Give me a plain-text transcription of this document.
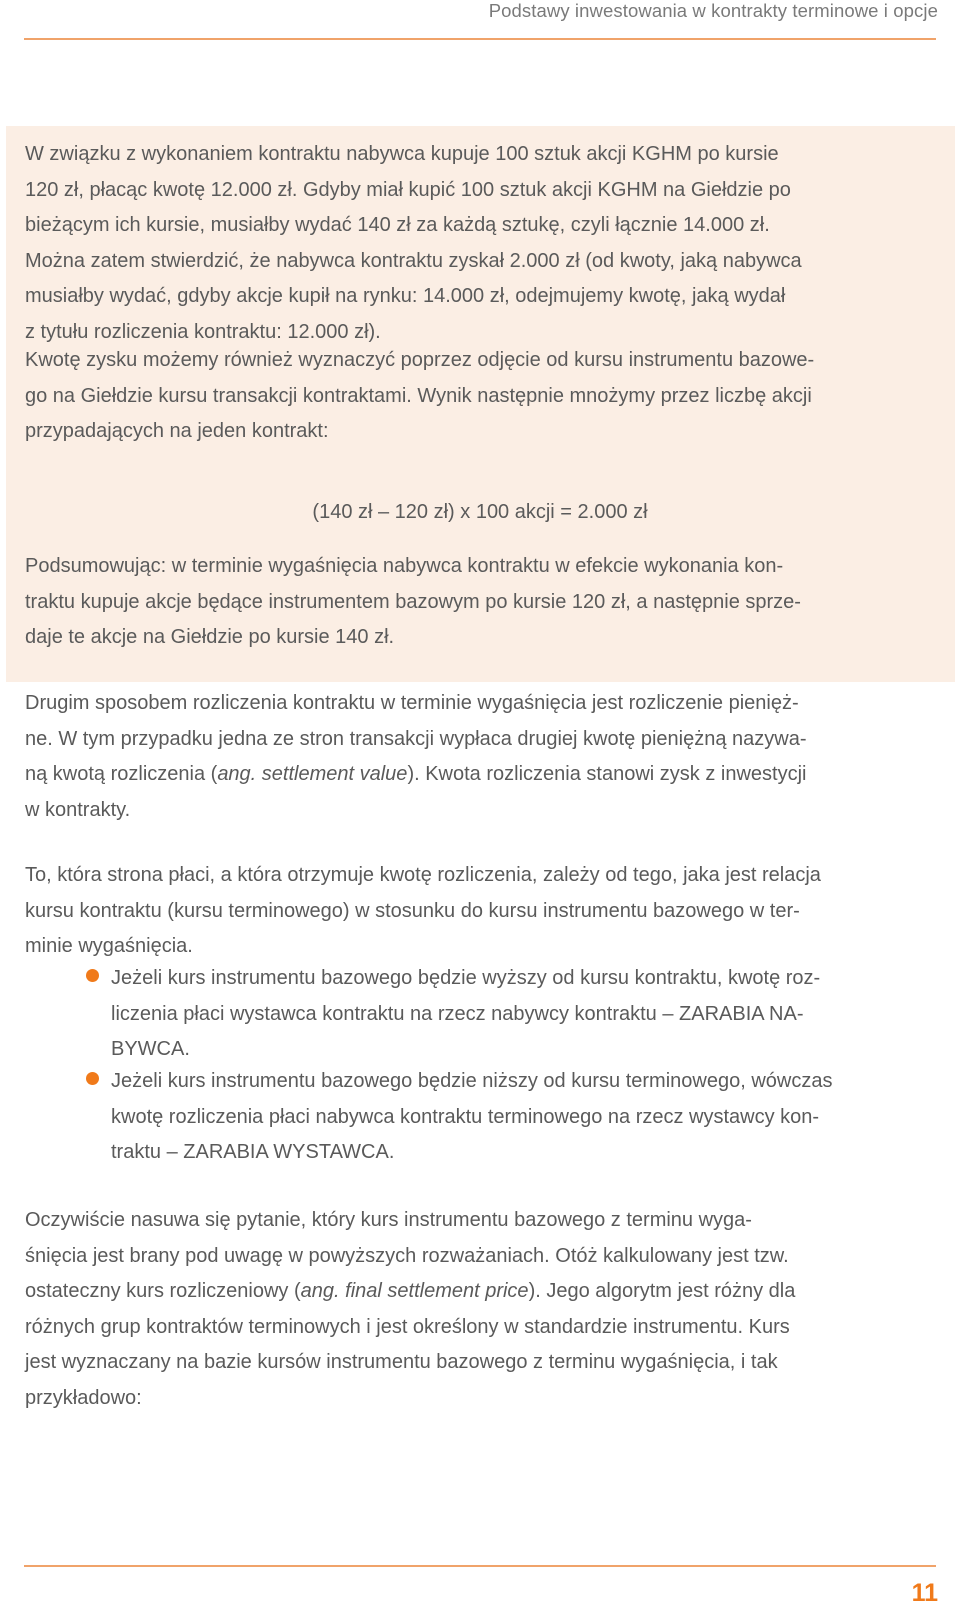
Podstawy inwestowania w kontrakty terminowe i opcje
W związku z wykonaniem kontraktu nabywca kupuje 100 sztuk akcji KGHM po kursie
120 zł, płacąc kwotę 12.000 zł. Gdyby miał kupić 100 sztuk akcji KGHM na Giełdzie po
bieżącym ich kursie, musiałby wydać 140 zł za każdą sztukę, czyli łącznie 14.000 zł.
Można zatem stwierdzić, że nabywca kontraktu zyskał 2.000 zł (od kwoty, jaką nabywca
musiałby wydać, gdyby akcje kupił na rynku: 14.000 zł, odejmujemy kwotę, jaką wydał
z tytułu rozliczenia kontraktu: 12.000 zł).
Kwotę zysku możemy również wyznaczyć poprzez odjęcie od kursu instrumentu bazowe-
go na Giełdzie kursu transakcji kontraktami. Wynik następnie mnożymy przez liczbę akcji
przypadających na jeden kontrakt:
(140 zł – 120 zł) x 100 akcji = 2.000 zł
Podsumowując: w terminie wygaśnięcia nabywca kontraktu w efekcie wykonania kon-
traktu kupuje akcje będące instrumentem bazowym po kursie 120 zł, a następnie sprze-
daje te akcje na Giełdzie po kursie 140 zł.
Drugim sposobem rozliczenia kontraktu w terminie wygaśnięcia jest rozliczenie pienięż-
ne. W tym przypadku jedna ze stron transakcji wypłaca drugiej kwotę pieniężną nazywa-
ną kwotą rozliczenia (ang. settlement value). Kwota rozliczenia stanowi zysk z inwestycji
w kontrakty.
To, która strona płaci, a która otrzymuje kwotę rozliczenia, zależy od tego, jaka jest relacja
kursu kontraktu (kursu terminowego) w stosunku do kursu instrumentu bazowego w ter-
minie wygaśnięcia.
Jeżeli kurs instrumentu bazowego będzie wyższy od kursu kontraktu, kwotę roz-
liczenia płaci wystawca kontraktu na rzecz nabywcy kontraktu – ZARABIA NA-
BYWCA.
Jeżeli kurs instrumentu bazowego będzie niższy od kursu terminowego, wówczas
kwotę rozliczenia płaci nabywca kontraktu terminowego na rzecz wystawcy kon-
traktu – ZARABIA WYSTAWCA.
Oczywiście nasuwa się pytanie, który kurs instrumentu bazowego z terminu wyga-
śnięcia jest brany pod uwagę w powyższych rozważaniach. Otóż kalkulowany jest tzw.
ostateczny kurs rozliczeniowy (ang. final settlement price). Jego algorytm jest różny dla
różnych grup kontraktów terminowych i jest określony w standardzie instrumentu. Kurs
jest wyznaczany na bazie kursów instrumentu bazowego z terminu wygaśnięcia, i tak
przykładowo:
11
